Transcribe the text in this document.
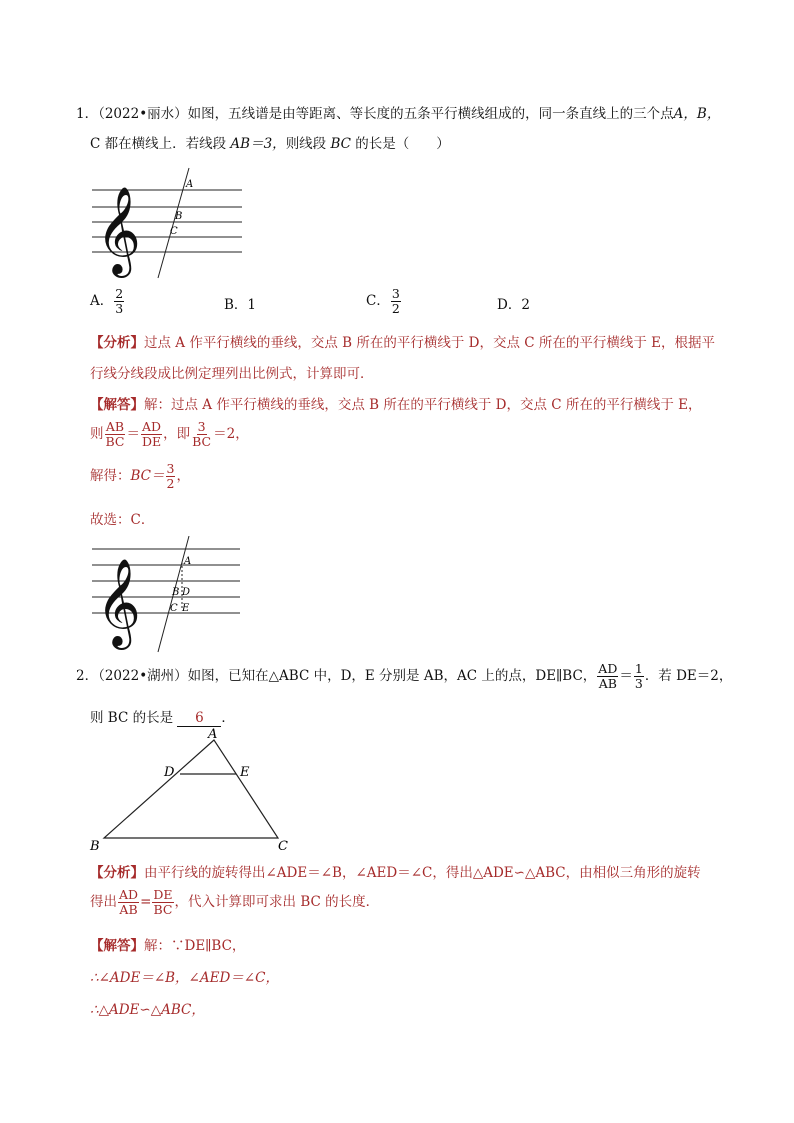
1．（2022•丽水）如图，五线谱是由等距离、等长度的五条平行横线组成的，同一条直线上的三个点A，B，
C 都在横线上．若线段 AB＝3，则线段 BC 的长是（　　）
𝄞
A
B
C
A． $\frac{2}{3}$	B．1	C． $\frac{3}{2}$	D．2
【分析】过点 A 作平行横线的垂线，交点 B 所在的平行横线于 D，交点 C 所在的平行横线于 E，根据平
行线分线段成比例定理列出比例式，计算即可．
【解答】解：过点 A 作平行横线的垂线，交点 B 所在的平行横线于 D，交点 C 所在的平行横线于 E，
则 $\frac{AB}{BC} = \frac{AD}{DE}$ ，即 $\frac{3}{BC} =2$，
解得：$BC= \frac{3}{2}$ ，
故选：C．
𝄞	A
B D
C E
2．（2022•湖州）如图，已知在△ABC 中，D，E 分别是 AB，AC 上的点，DE∥BC， $\frac{AD}{AB} = \frac{1}{3}$ ．若 DE＝2，
则 BC 的长是 6 ．
A
D	E
B	C
【分析】由平行线的旋转得出∠ADE＝∠B，∠AED＝∠C，得出△ADE∽△ABC，由相似三角形的旋转
得出 $\frac{AD}{AB} = \frac{DE}{BC}$ ，代入计算即可求出 BC 的长度．
【解答】解：∵DE∥BC，
∴∠ADE＝∠B，∠AED＝∠C，
∴△ADE∽△ABC，
